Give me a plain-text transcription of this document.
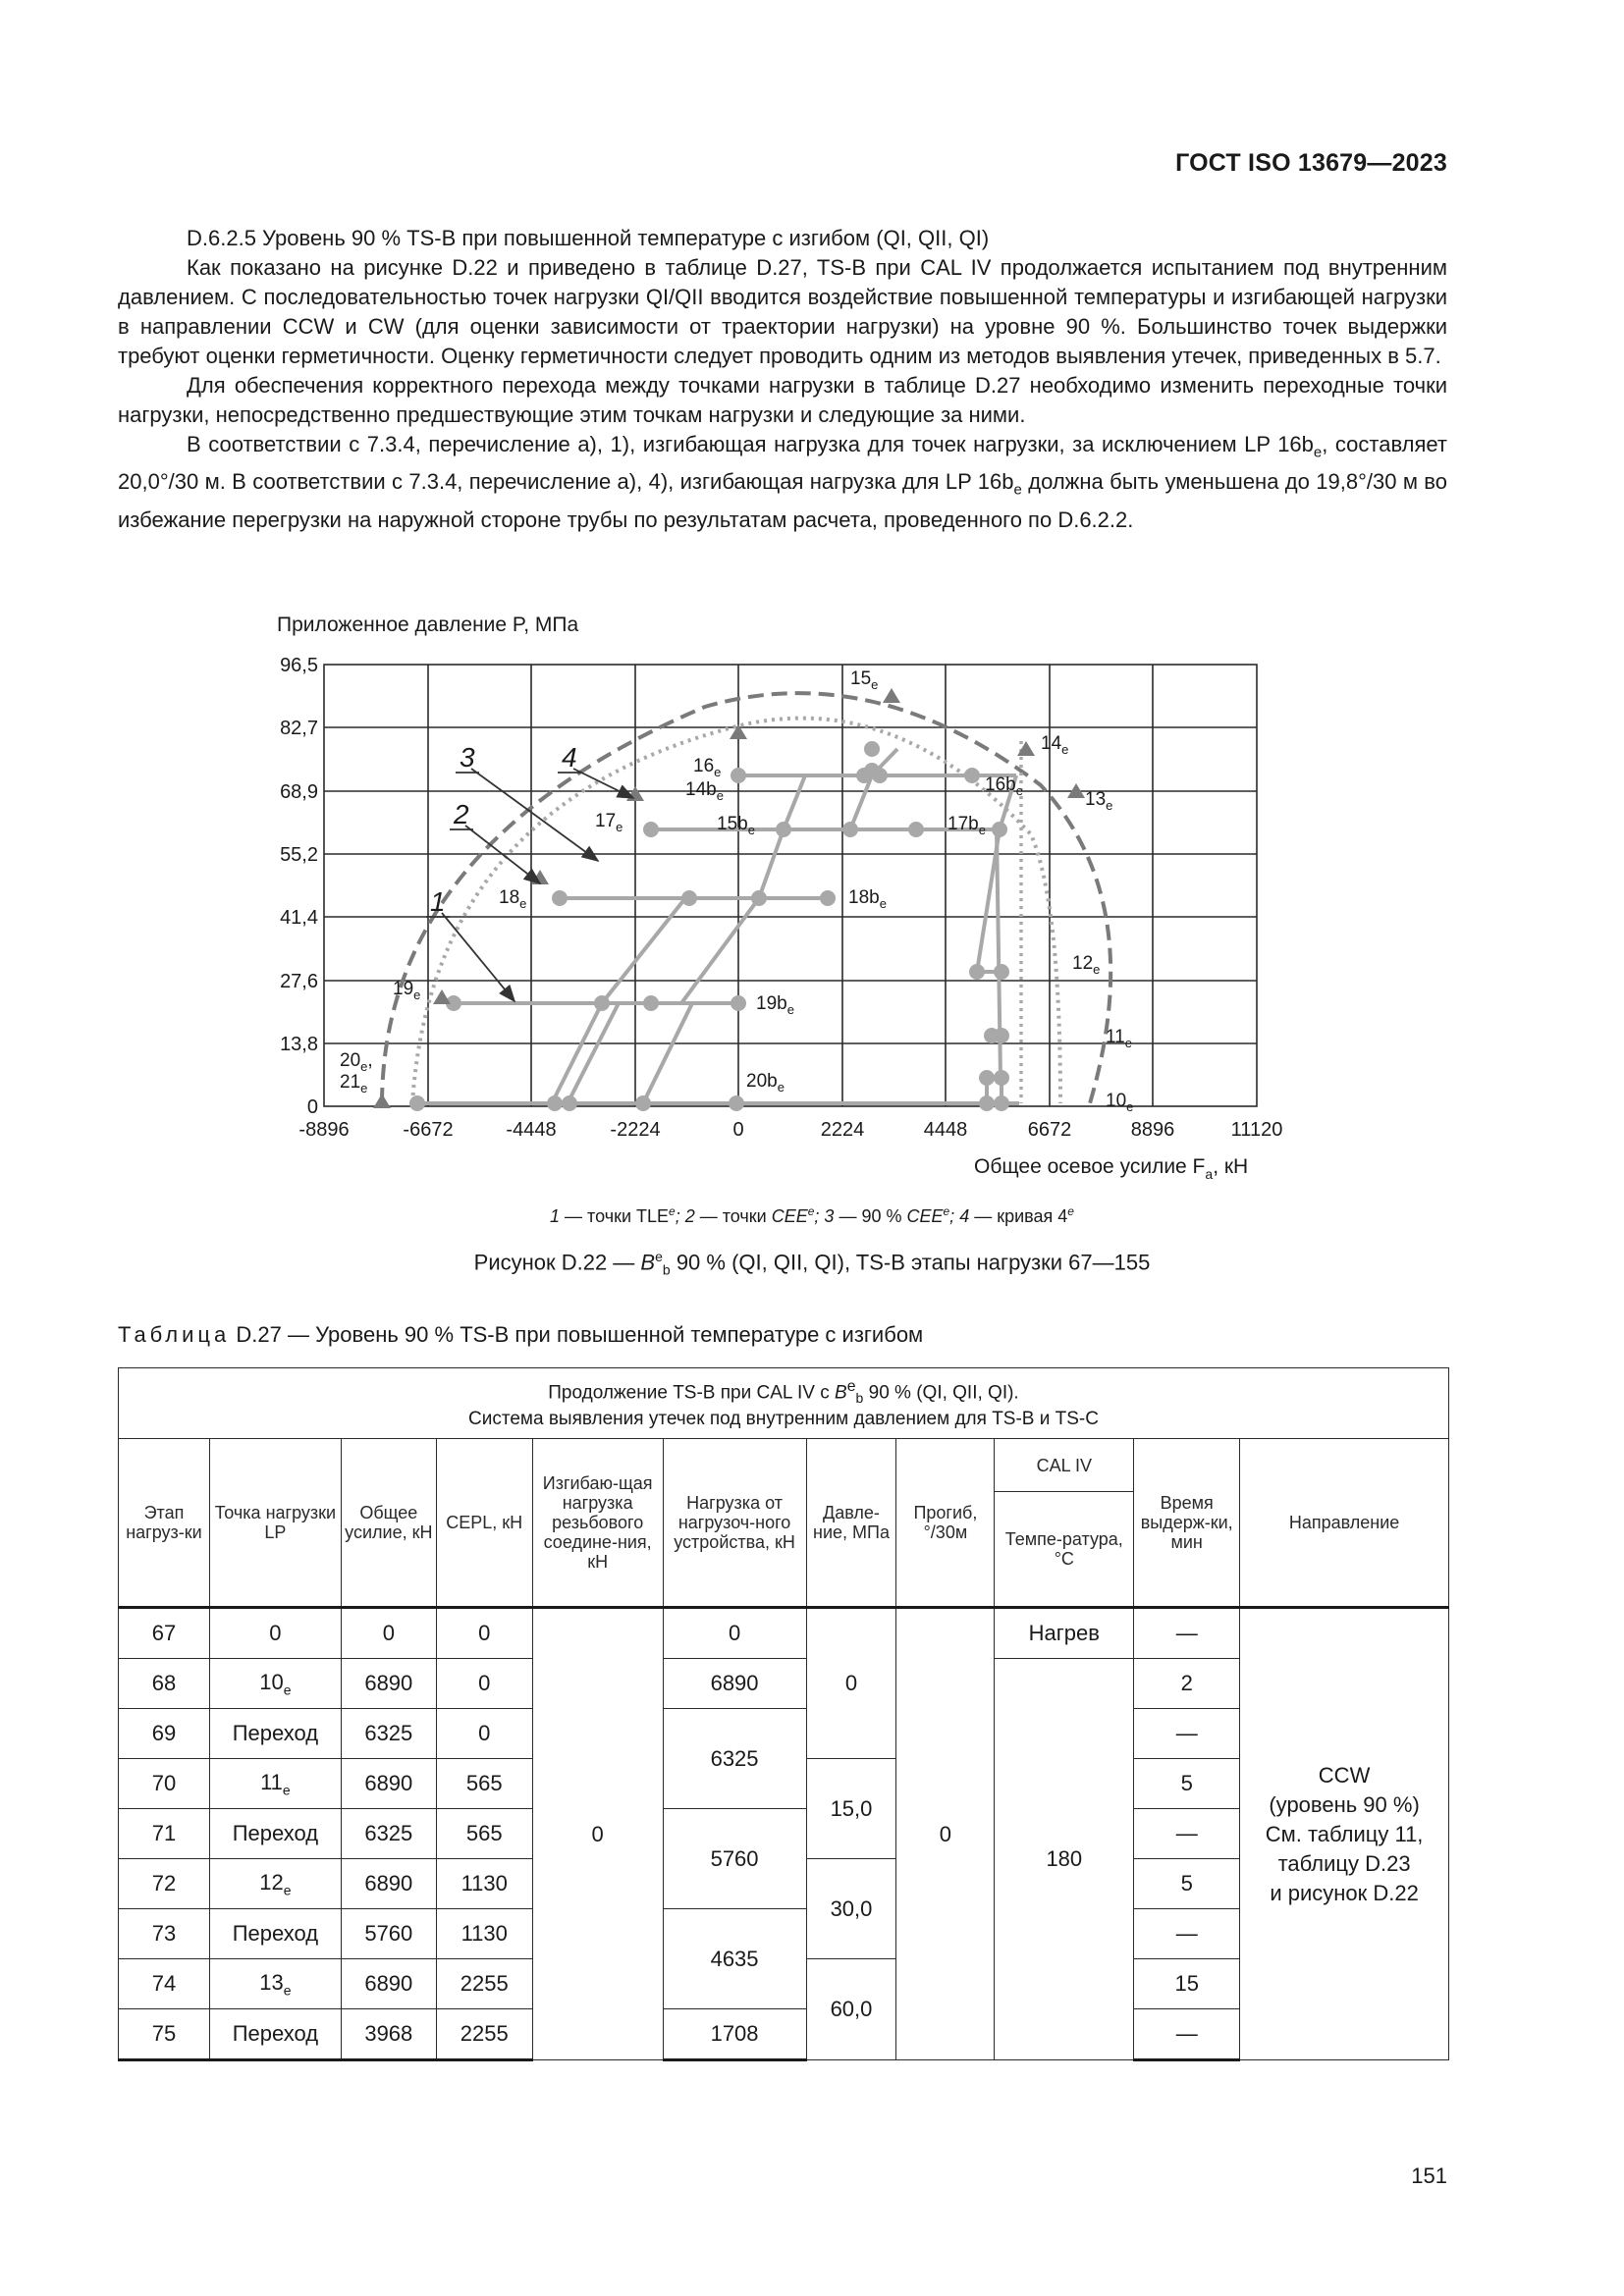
ГОСТ ISO 13679—2023

D.6.2.5 Уровень 90 % TS-B при повышенной температуре с изгибом (QI, QII, QI)

Как показано на рисунке D.22 и приведено в таблице D.27, TS-B при CAL IV продолжается испытанием под внутренним давлением. С последовательностью точек нагрузки QI/QII вводится воздействие повышенной температуры и изгибающей нагрузки в направлении CCW и CW (для оценки зависимости от траектории нагрузки) на уровне 90 %. Большинство точек выдержки требуют оценки герметичности. Оценку герметичности следует проводить одним из методов выявления утечек, приведенных в 5.7.

Для обеспечения корректного перехода между точками нагрузки в таблице D.27 необходимо изменить переходные точки нагрузки, непосредственно предшествующие этим точкам нагрузки и следующие за ними.

В соответствии с 7.3.4, перечисление а), 1), изгибающая нагрузка для точек нагрузки, за исключением LP $16b_e$, составляет 20,0°/30 м. В соответствии с 7.3.4, перечисление а), 4), изгибающая нагрузка для LP $16b_e$ должна быть уменьшена до 19,8°/30 м во избежание перегрузки на наружной стороне трубы по результатам расчета, проведенного по D.6.2.2.

Приложенное давление P, МПа
Общее осевое усилие $F_a$, кН
96,5
82,7
68,9
55,2
41,4
27,6
13,8
0
-8896	-6672	-4448	-2224	0	2224	4448	6672	8896	11120
1
2
3	4
$15_e$
$14_e$
$16_e$
$14b_e$
$16b_e$	$13_e$
$17_e$	$15b_e$	$17b_e$
$18_e$	$18b_e$
$12_e$
$19_e$	$19b_e$
$11_e$
$20_e$,
$21_e$	$20b_e$
$10_e$
1 — точки TLE$^e$; 2 — точки CEE$^e$; 3 — 90 % CEE$^e$; 4 — кривая 4e
Рисунок D.22 — $B^e_b$ 90 % (QI, QII, QI), TS-B этапы нагрузки 67—155
Таблица D.27 — Уровень 90 % TS-B при повышенной температуре с изгибом
Продолжение TS-B при CAL IV с $B^e_b$ 90 % (QI, QII, QI).
Система выявления утечек под внутренним давлением для TS-B и TS-C										
Этап нагруз-ки	Точка нагрузки LP	Общее усилие, кН	CEPL, кН	Изгибаю-щая нагрузка резьбового соедине-ния, кН	Нагрузка от нагрузоч-ного устройства, кН	Давле-ние, МПа	Прогиб, °/30м	CAL IV	Время выдерж-ки, мин	Направление
								Темпе-ратура, °С		
67	0	0	0	0	0	0	0	Нагрев	—	CCW
(уровень 90 %)
См. таблицу 11,
таблицу D.23
и рисунок D.22
68	$10_e$	6890	0		6890			180	2	
69	Переход	6325	0		6325				—	
70	$11_e$	6890	565			15,0			5	
71	Переход	6325	565		5760				—	
72	$12_e$	6890	1130			30,0			5	
73	Переход	5760	1130		4635				—	
74	$13_e$	6890	2255			60,0			15	
75	Переход	3968	2255		1708				—	
151
